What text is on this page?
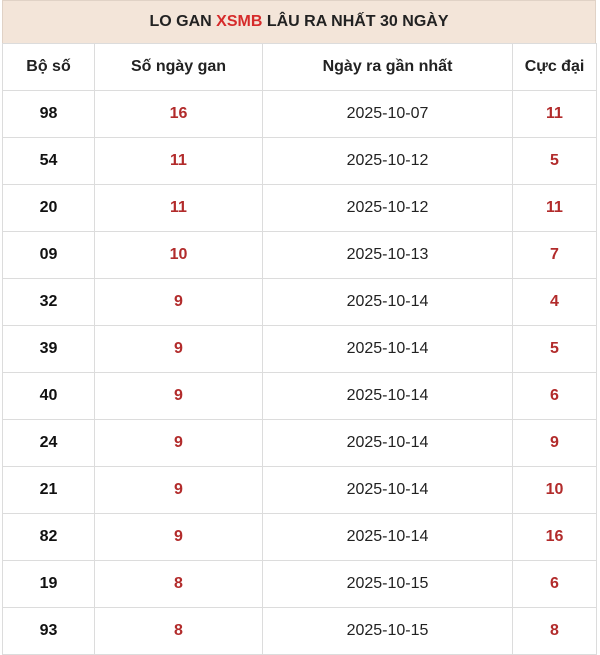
LO GAN XSMB LÂU RA NHẤT 30 NGÀY
Bộ số	Số ngày gan	Ngày ra gần nhất	Cực đại
98	16	2025-10-07	11
54	11	2025-10-12	5
20	11	2025-10-12	11
09	10	2025-10-13	7
32	9	2025-10-14	4
39	9	2025-10-14	5
40	9	2025-10-14	6
24	9	2025-10-14	9
21	9	2025-10-14	10
82	9	2025-10-14	16
19	8	2025-10-15	6
93	8	2025-10-15	8
